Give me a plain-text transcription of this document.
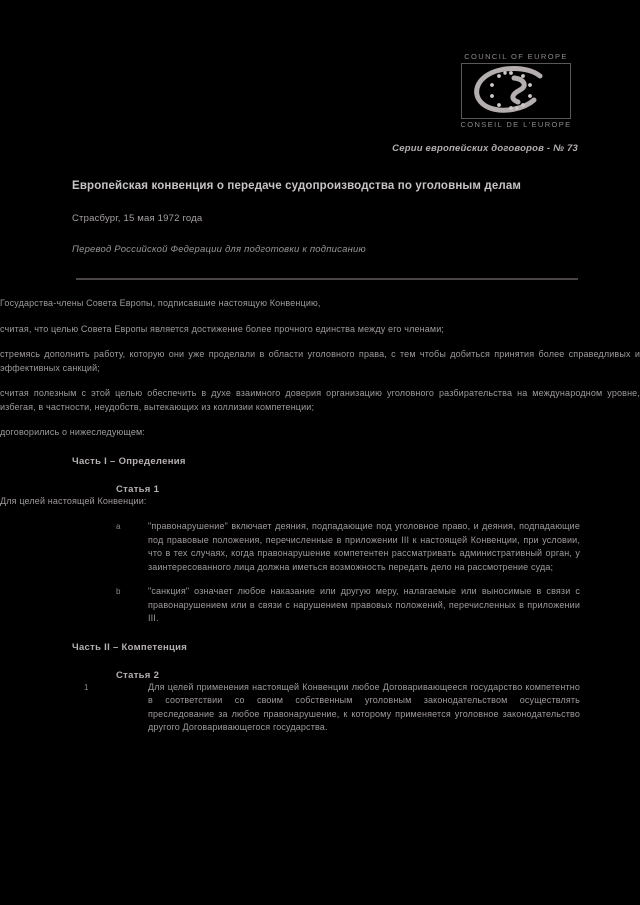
COUNCIL OF EUROPE
CONSEIL DE L'EUROPE
Серии европейских договоров - № 73
Европейская конвенция о передаче судопроизводства по уголовным делам
Страсбург, 15 мая 1972 года
Перевод Российской Федерации для подготовки к подписанию

Государства-члены Совета Европы, подписавшие настоящую Конвенцию,

считая, что целью Совета Европы является достижение более прочного единства между его членами;

стремясь дополнить работу, которую они уже проделали в области уголовного права, с тем чтобы добиться принятия более справедливых и эффективных санкций;

считая полезным с этой целью обеспечить в духе взаимного доверия организацию уголовного разбирательства на международном уровне, избегая, в частности, неудобств, вытекающих из коллизии компетенции;

договорились о нижеследующем:

Часть I – Определения
Статья 1

Для целей настоящей Конвенции:

a	"правонарушение" включает деяния, подпадающие под уголовное право, и деяния, подпадающие под правовые положения, перечисленные в приложении III к настоящей Конвенции, при условии, что в тех случаях, когда правонарушение компетентен рассматривать административный орган, у заинтересованного лица должна иметься возможность передать дело на рассмотрение суда;
b	"санкция" означает любое наказание или другую меру, налагаемые или выносимые в связи с правонарушением или в связи с нарушением правовых положений, перечисленных в приложении III.
Часть II – Компетенция
Статья 2
1	Для целей применения настоящей Конвенции любое Договаривающееся государство компетентно в соответствии со своим собственным уголовным законодательством осуществлять преследование за любое правонарушение, к которому применяется уголовное законодательство другого Договаривающегося государства.
